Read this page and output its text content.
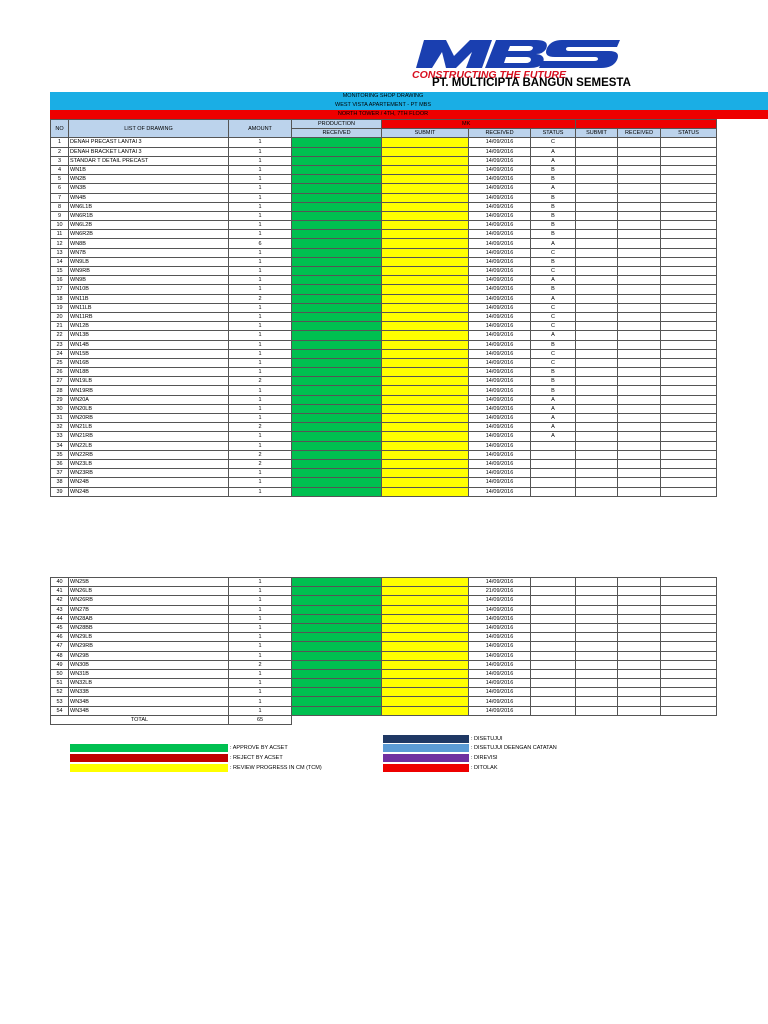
CONSTRUCTING THE FUTURE
PT. MULTICIPTA BANGUN SEMESTA
MONITORING SHOP DRAWING
WEST VISTA APARTEMENT - PT MBS
NORTH TOWER / 4TH, 7TH FLOOR
NO	LIST OF DRAWING	AMOUNT	PRODUCTION	MK					
			RECEIVED	SUBMIT	RECEIVED	STATUS	SUBMIT	RECEIVED	STATUS
1	DENAH PRECAST LANTAI 3	1			14/09/2016	C			
2	DENAH BRACKET LANTAI 3	1			14/09/2016	A			
3	STANDAR T DETAIL PRECAST	1			14/09/2016	A			
4	WN1B	1			14/09/2016	B			
5	WN2B	1			14/09/2016	B			
6	WN3B	1			14/09/2016	A			
7	WN4B	1			14/09/2016	B			
8	WN6L1B	1			14/09/2016	B			
9	WN6R1B	1			14/09/2016	B			
10	WN6L2B	1			14/09/2016	B			
11	WN6R2B	1			14/09/2016	B			
12	WN8B	6			14/09/2016	A			
13	WN7B	1			14/09/2016	C			
14	WN9LB	1			14/09/2016	B			
15	WN9RB	1			14/09/2016	C			
16	WN9B	1			14/09/2016	A			
17	WN10B	1			14/09/2016	B			
18	WN11B	2			14/09/2016	A			
19	WN11LB	1			14/09/2016	C			
20	WN11RB	1			14/09/2016	C			
21	WN12B	1			14/09/2016	C			
22	WN13B	1			14/09/2016	A			
23	WN14B	1			14/09/2016	B			
24	WN15B	1			14/09/2016	C			
25	WN16B	1			14/09/2016	C			
26	WN18B	1			14/09/2016	B			
27	WN19LB	2			14/09/2016	B			
28	WN19RB	1			14/09/2016	B			
29	WN20A	1			14/09/2016	A			
30	WN20LB	1			14/09/2016	A			
31	WN20RB	1			14/09/2016	A			
32	WN21LB	2			14/09/2016	A			
33	WN21RB	1			14/09/2016	A			
34	WN22LB	1			14/09/2016				
35	WN22RB	2			14/09/2016				
36	WN23LB	2			14/09/2016				
37	WN23RB	1			14/09/2016				
38	WN24B	1			14/09/2016				
39	WN24B	1			14/09/2016				
40	WN25B	1			14/09/2016				
41	WN26LB	1			21/09/2016				
42	WN26RB	1			14/09/2016				
43	WN27B	1			14/09/2016				
44	WN28AB	1			14/09/2016				
45	WN28BB	1			14/09/2016				
46	WN29LB	1			14/09/2016				
47	WN29RB	1			14/09/2016				
48	WN29B	1			14/09/2016				
49	WN30B	2			14/09/2016				
50	WN31B	1			14/09/2016				
51	WN32LB	1			14/09/2016				
52	WN33B	1			14/09/2016				
53	WN34B	1			14/09/2016				
54	WN34B	1			14/09/2016				
TOTAL		65							
: APPROVE BY ACSET
: REJECT BY ACSET
: REVIEW PROGRESS IN CM (TCM)
: DISETUJUI
: DISETUJUI DEENGAN CATATAN
: DIREVISI
: DITOLAK
